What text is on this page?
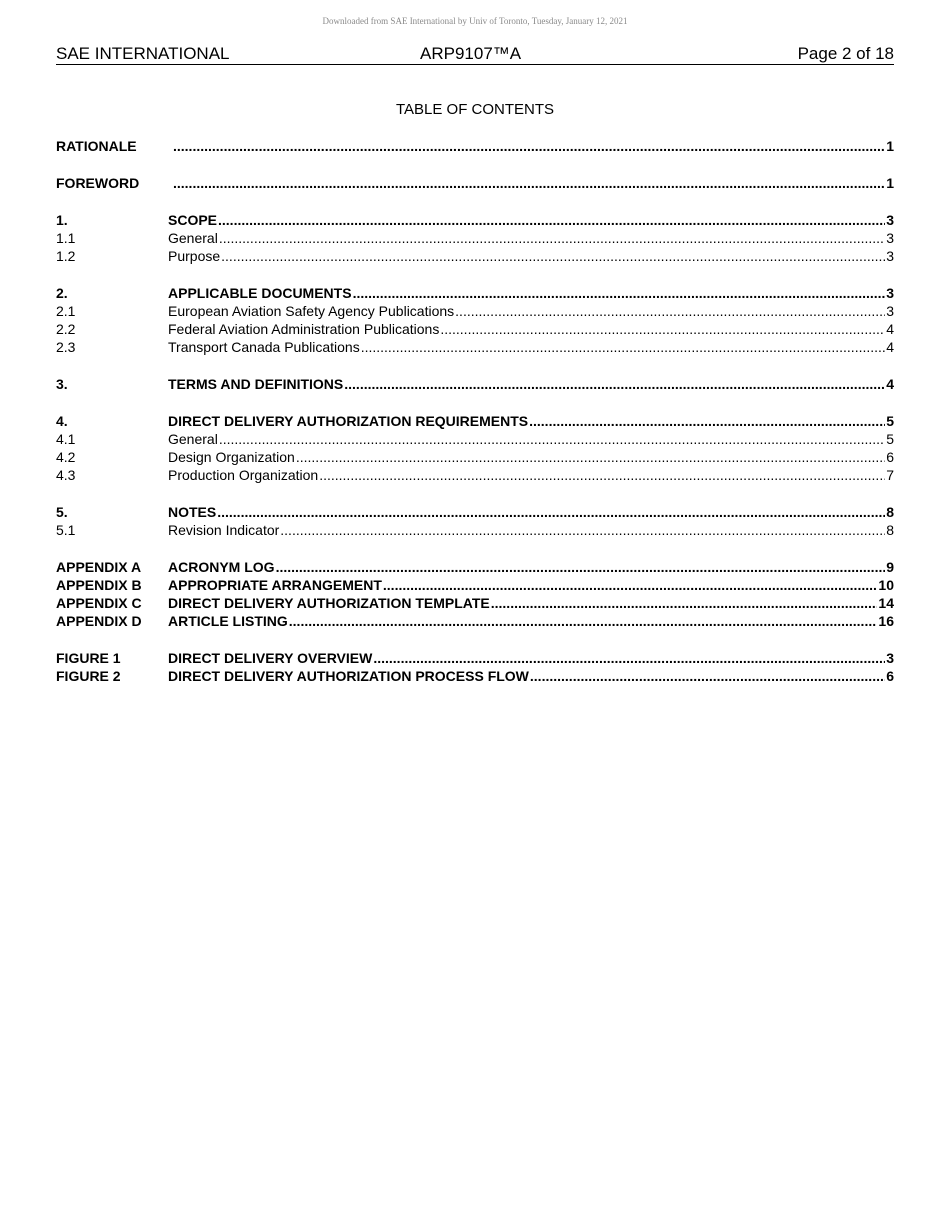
Downloaded from SAE International by Univ of Toronto, Tuesday, January 12, 2021
SAE INTERNATIONAL	ARP9107™A	Page 2 of 18
TABLE OF CONTENTS
RATIONALE .....	1
FOREWORD .....	1
1.	SCOPE .....	3
1.1	General .....	3
1.2	Purpose .....	3
2.	APPLICABLE DOCUMENTS .....	3
2.1	European Aviation Safety Agency Publications .....	3
2.2	Federal Aviation Administration Publications .....	4
2.3	Transport Canada Publications .....	4
3.	TERMS AND DEFINITIONS .....	4
4.	DIRECT DELIVERY AUTHORIZATION REQUIREMENTS .....	5
4.1	General .....	5
4.2	Design Organization .....	6
4.3	Production Organization .....	7
5.	NOTES .....	8
5.1	Revision Indicator .....	8
APPENDIX A	ACRONYM LOG .....	9
APPENDIX B	APPROPRIATE ARRANGEMENT .....	10
APPENDIX C	DIRECT DELIVERY AUTHORIZATION TEMPLATE .....	14
APPENDIX D	ARTICLE LISTING .....	16
FIGURE 1	DIRECT DELIVERY OVERVIEW .....	3
FIGURE 2	DIRECT DELIVERY AUTHORIZATION PROCESS FLOW .....	6
